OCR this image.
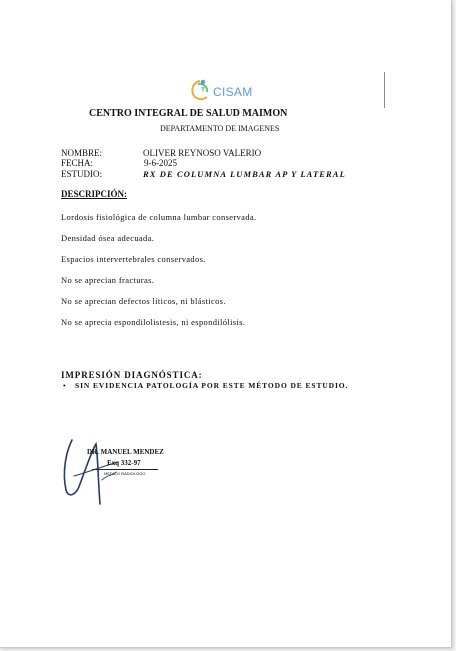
CISAM
.
CENTRO INTEGRAL DE SALUD MAIMON
DEPARTAMENTO DE IMAGENES
NOMBRE:	OLIVER REYNOSO VALERIO
FECHA:	9-6-2025
ESTUDIO:	RX DE COLUMNA LUMBAR AP Y LATERAL
DESCRIPCIÓN:

Lordosis fisiológica de columna lumbar conservada.

Densidad ósea adecuada.

Espacios intervertebrales conservados.

No se aprecian fracturas.

No se aprecian defectos líticos, ni blásticos.

No se aprecia espondilolistesis, ni espondilólisis.

IMPRESIÓN DIAGNÓSTICA:
• SIN EVIDENCIA PATOLOGÍA POR ESTE MÉTODO DE ESTUDIO.
DR. MANUEL MENDEZ
Exq 332-97
MEDICO RADIOLOGO
